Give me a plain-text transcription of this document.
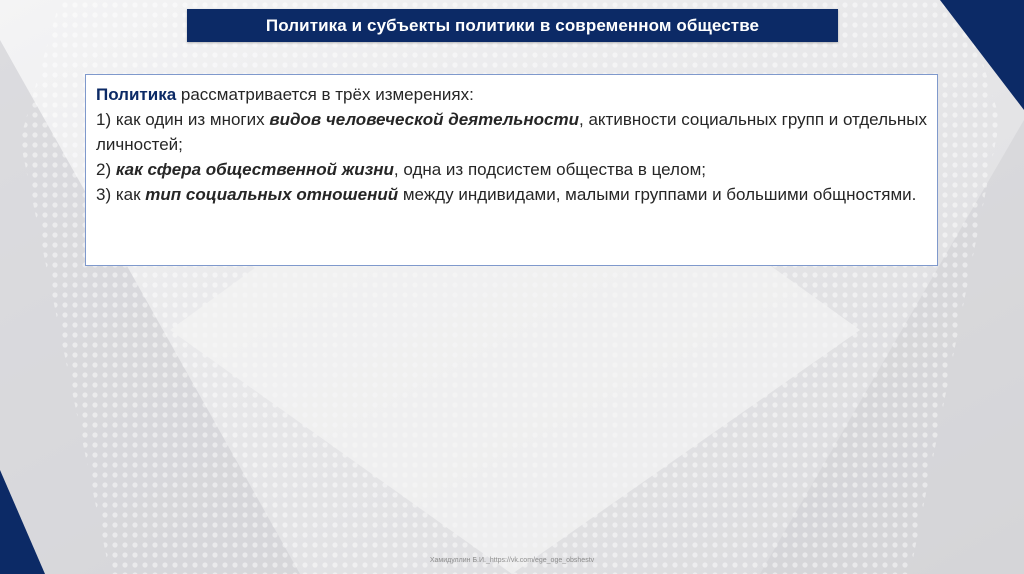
Политика и субъекты политики в современном обществе

Политика рассматривается в трёх измерениях:

1) как один из многих видов человеческой деятельности, активности социальных групп и отдельных личностей;

2) как сфера общественной жизни, одна из подсистем общества в целом;

3) как тип социальных отношений между индивидами, малыми группами и большими общностями.

Хамидуллин Б.И._https://vk.com/ege_oge_obshestv
